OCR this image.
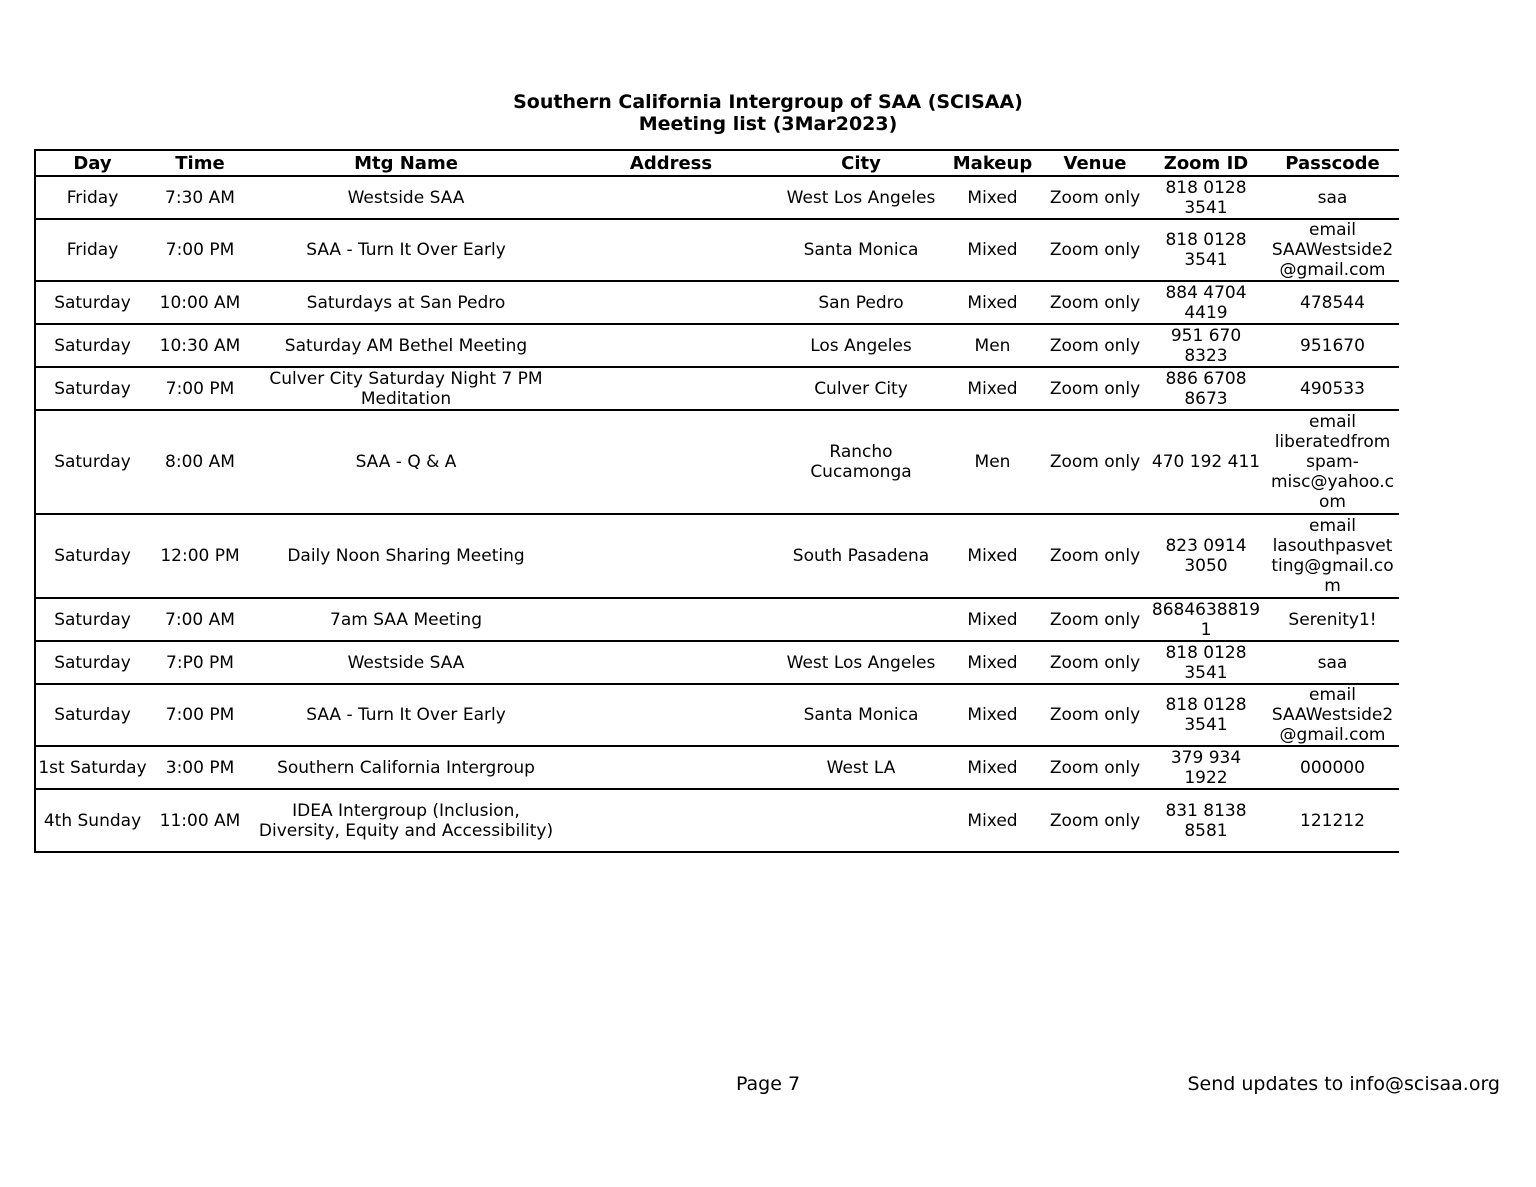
Southern California Intergroup of SAA (SCISAA)
Meeting list (3Mar2023)
Day	Time	Mtg Name	Address	City	Makeup	Venue	Zoom ID	Passcode
Friday	7:30 AM	Westside SAA		West Los Angeles	Mixed	Zoom only	818 0128 3541	saa
Friday	7:00 PM	SAA - Turn It Over Early		Santa Monica	Mixed	Zoom only	818 0128 3541	email SAAWestside2 @gmail.com
Saturday	10:00 AM	Saturdays at San Pedro		San Pedro	Mixed	Zoom only	884 4704 4419	478544
Saturday	10:30 AM	Saturday AM Bethel Meeting		Los Angeles	Men	Zoom only	951 670 8323	951670
Saturday	7:00 PM	Culver City Saturday Night 7 PM Meditation		Culver City	Mixed	Zoom only	886 6708 8673	490533
Saturday	8:00 AM	SAA - Q & A		Rancho Cucamonga	Men	Zoom only	470 192 411	email liberatedfrom spam- misc@yahoo.c om
Saturday	12:00 PM	Daily Noon Sharing Meeting		South Pasadena	Mixed	Zoom only	823 0914 3050	email lasouthpasvet ting@gmail.co m
Saturday	7:00 AM	7am SAA Meeting			Mixed	Zoom only	8684638819 1	Serenity1!
Saturday	7:P0 PM	Westside SAA		West Los Angeles	Mixed	Zoom only	818 0128 3541	saa
Saturday	7:00 PM	SAA - Turn It Over Early		Santa Monica	Mixed	Zoom only	818 0128 3541	email SAAWestside2 @gmail.com
1st Saturday	3:00 PM	Southern California Intergroup		West LA	Mixed	Zoom only	379 934 1922	000000
4th Sunday	11:00 AM	IDEA Intergroup (Inclusion, Diversity, Equity and Accessibility)			Mixed	Zoom only	831 8138 8581	121212
Page 7	Send updates to info@scisaa.org
